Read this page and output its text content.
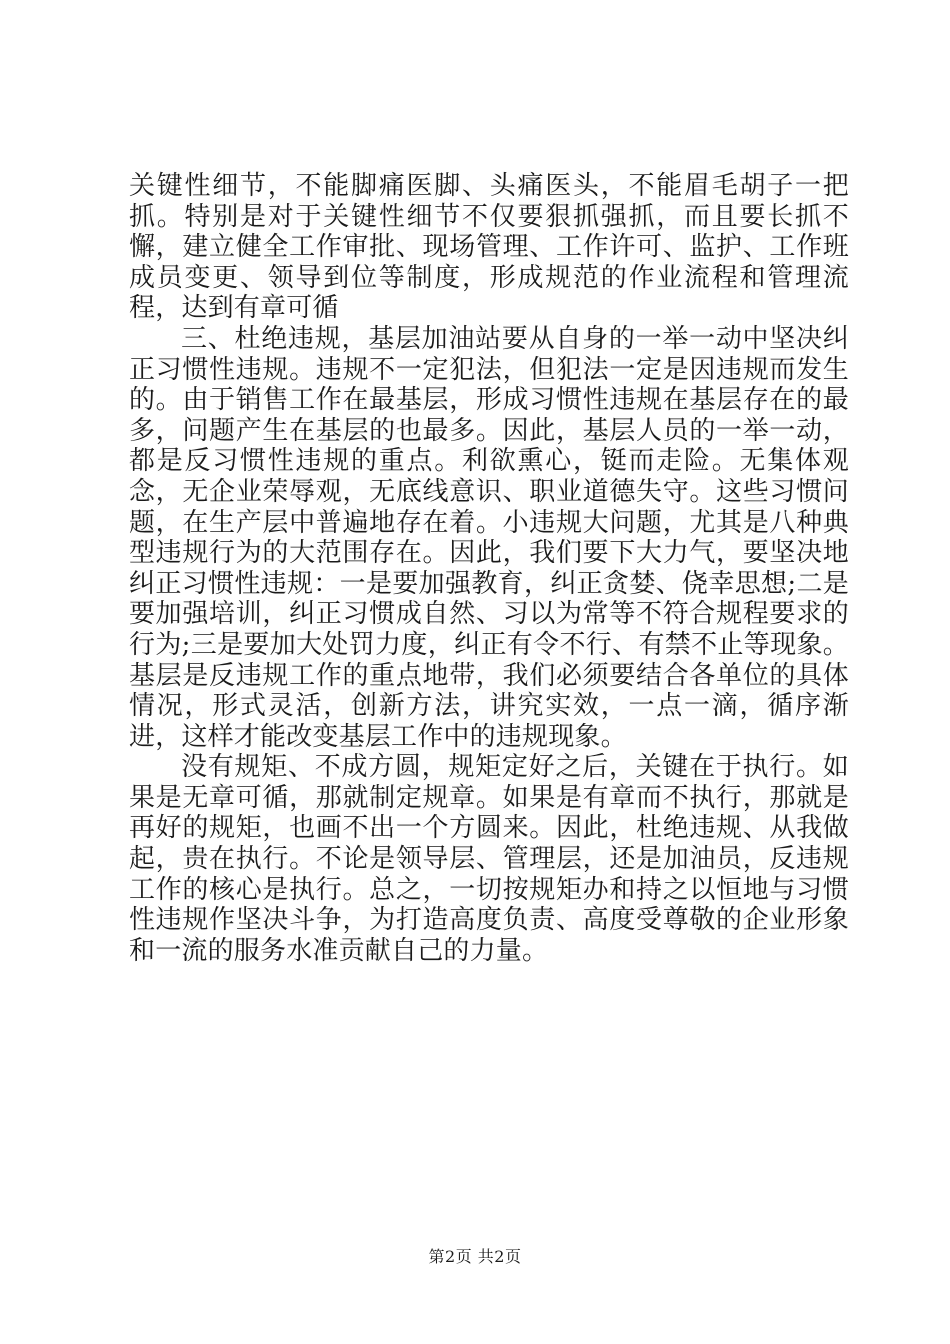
关键性细节，不能脚痛医脚、头痛医头，不能眉毛胡子一把抓。特别是对于关键性细节不仅要狠抓强抓，而且要长抓不懈，建立健全工作审批、现场管理、工作许可、监护、工作班成员变更、领导到位等制度，形成规范的作业流程和管理流程，达到有章可循

三、杜绝违规，基层加油站要从自身的一举一动中坚决纠正习惯性违规。违规不一定犯法，但犯法一定是因违规而发生的。由于销售工作在最基层，形成习惯性违规在基层存在的最多，问题产生在基层的也最多。因此，基层人员的一举一动，都是反习惯性违规的重点。利欲熏心，铤而走险。无集体观念，无企业荣辱观，无底线意识、职业道德失守。这些习惯问题，在生产层中普遍地存在着。小违规大问题，尤其是八种典型违规行为的大范围存在。因此，我们要下大力气，要坚决地纠正习惯性违规：一是要加强教育，纠正贪婪、侥幸思想;二是要加强培训，纠正习惯成自然、习以为常等不符合规程要求的行为;三是要加大处罚力度，纠正有令不行、有禁不止等现象。基层是反违规工作的重点地带，我们必须要结合各单位的具体情况，形式灵活，创新方法，讲究实效，一点一滴，循序渐进，这样才能改变基层工作中的违规现象。

没有规矩、不成方圆，规矩定好之后，关键在于执行。如果是无章可循，那就制定规章。如果是有章而不执行，那就是再好的规矩，也画不出一个方圆来。因此，杜绝违规、从我做起，贵在执行。不论是领导层、管理层，还是加油员，反违规工作的核心是执行。总之，一切按规矩办和持之以恒地与习惯性违规作坚决斗争，为打造高度负责、高度受尊敬的企业形象和一流的服务水准贡献自己的力量。

第2页 共2页
